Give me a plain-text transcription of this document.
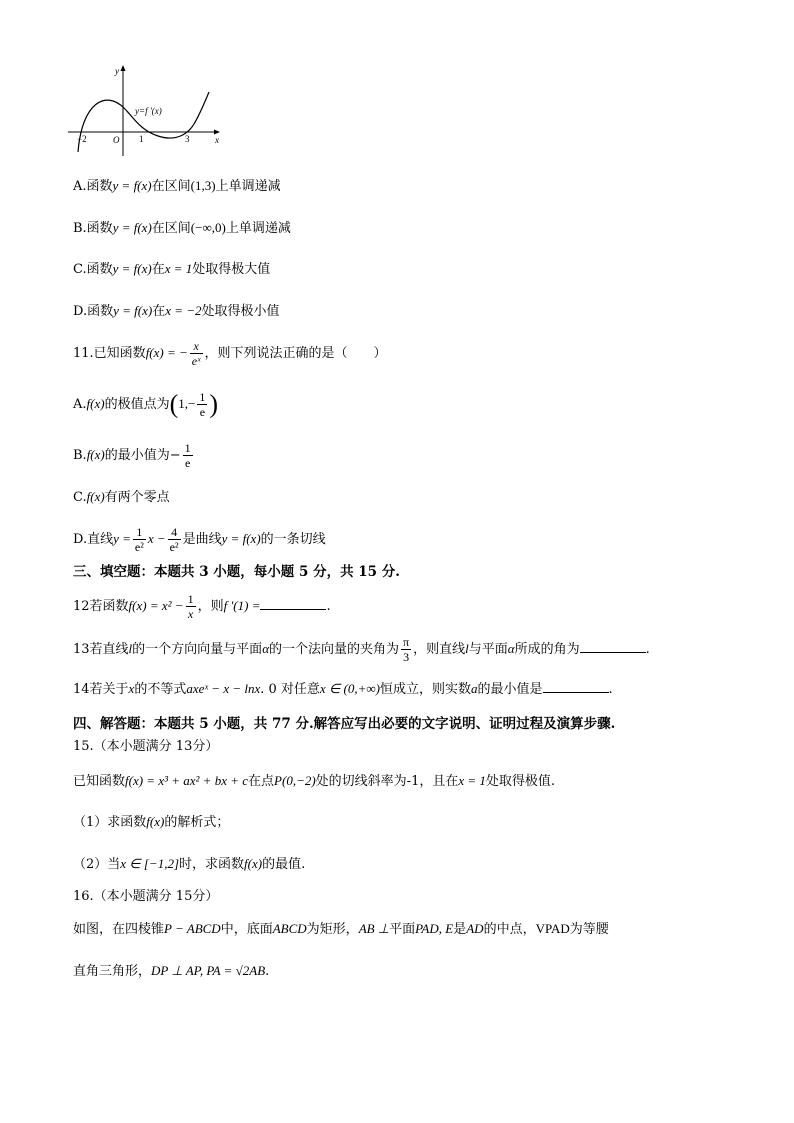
y
x
O
−2	1	3
y=f ′(x)
A.函数y = f(x)在区间(1,3)上单调递减
B.函数y = f(x)在区间(−∞,0)上单调递减
C.函数y = f(x)在x = 1处取得极大值
D.函数y = f(x)在x = −2处取得极小值
11.已知函数f(x) = − $\frac{x}{\text{eˣ}}$ ，则下列说法正确的是（　　）
A.f(x)的极值点为($1,- \frac{1}{e}$ )
B.f(x)的最小值为− $\frac{1}{e}$
C.f(x)有两个零点
D.直线$y = \frac{1}{\text{e²}}$ $x - \frac{4}{\text{e²}}$ 是曲线y = f(x)的一条切线
三、填空题：本题共 3 小题，每小题 5 分，共 15 分.
12若函数$f(x) = x^2 - \frac{1}{x}$ ，则f ′(1) =	.
13若直线l的一个方向向量与平面α的一个法向量的夹角为 $\frac{\pi}{3}$ ，则直线l与平面α所成的角为	.
14若关于x的不等式axeˣ − x − lnx. 0 对任意x ∈ (0,+∞)恒成立，则实数a的最小值是	.
四、解答题：本题共 5 小题，共 77 分.解答应写出必要的文字说明、证明过程及演算步骤.
15.（本小题满分 13分）
已知函数f(x) = x³ + ax² + bx + c在点P(0,−2)处的切线斜率为-1，且在x = 1处取得极值.
（1）求函数f(x)的解析式；
（2）当x ∈ [−1,2]时，求函数f(x)的最值.
16.（本小题满分 15分）
如图，在四棱锥P − ABCD中，底面ABCD为矩形，AB ⊥平面PAD, E是AD的中点，VPAD为等腰
直角三角形，DP ⊥ AP, PA = √2AB.
